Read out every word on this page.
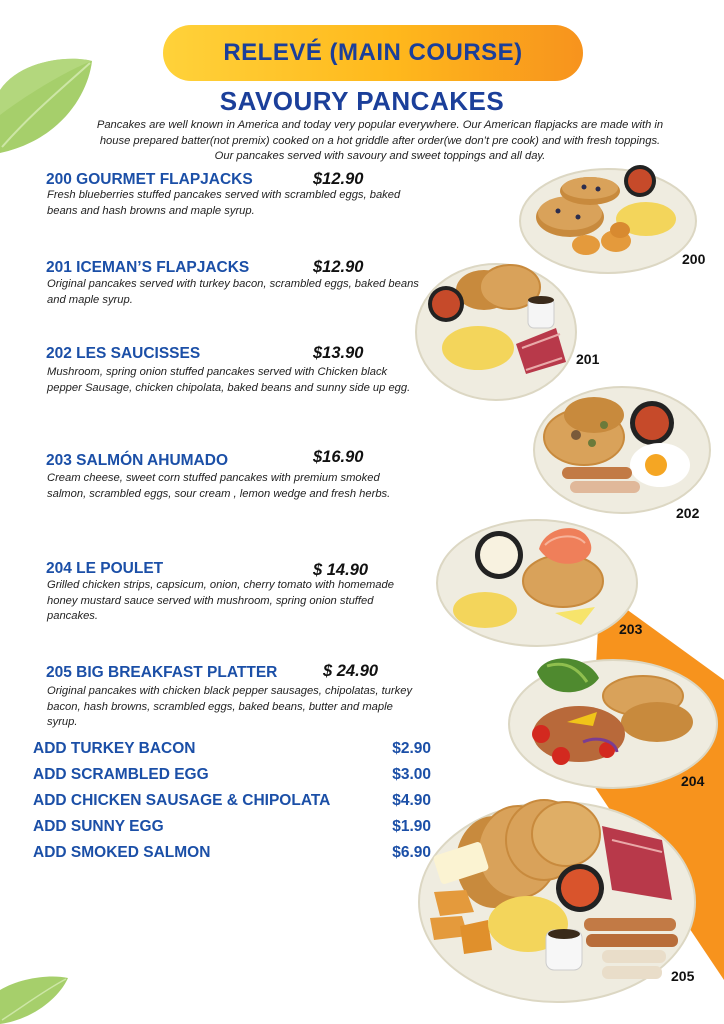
RELEVÉ (MAIN COURSE)
SAVOURY PANCAKES
Pancakes are well known in America and today very popular everywhere. Our American flapjacks are made with in house prepared batter(not premix) cooked on a hot griddle after order(we don’t pre cook) and with fresh toppings. Our pancakes served with savoury and sweet toppings and all day.
200 GOURMET FLAPJACKS	$12.90
Fresh blueberries stuffed pancakes served with scrambled eggs, baked beans and hash browns and maple syrup.
201 ICEMAN’S FLAPJACKS	$12.90
Original pancakes served with turkey bacon, scrambled eggs, baked beans and maple syrup.
202 LES SAUCISSES	$13.90
Mushroom, spring onion stuffed pancakes served with Chicken black pepper Sausage, chicken chipolata, baked beans and sunny side up egg.
203 SALMÓN AHUMADO	$16.90
Cream cheese, sweet corn stuffed pancakes with premium smoked salmon, scrambled eggs, sour cream , lemon wedge and fresh herbs.
204 LE POULET	$ 14.90
Grilled chicken strips, capsicum, onion, cherry tomato with homemade honey mustard sauce served with mushroom, spring onion stuffed pancakes.
205 BIG BREAKFAST PLATTER	$ 24.90
Original pancakes with chicken black pepper sausages, chipolatas, turkey bacon, hash browns, scrambled eggs, baked beans, butter and maple syrup.
ADD TURKEY BACON	$2.90
ADD SCRAMBLED EGG	$3.00
ADD CHICKEN SAUSAGE & CHIPOLATA	$4.90
ADD SUNNY EGG	$1.90
ADD SMOKED SALMON	$6.90
200
201
202
203
204
205
